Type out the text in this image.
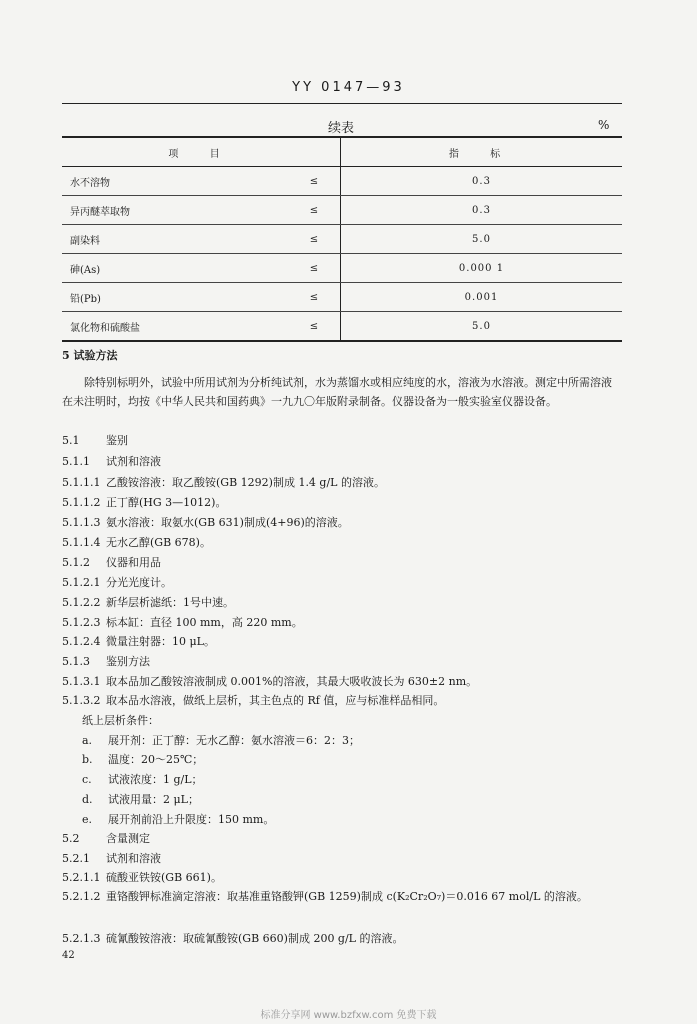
YY 0147—93
续表	%
项 目		指 标
水不溶物	≤	0.3
异丙醚萃取物	≤	0.3
副染料	≤	5.0
砷(As)	≤	0.000 1
铅(Pb)	≤	0.001
氯化物和硫酸盐	≤	5.0
5 试验方法
除特别标明外，试验中所用试剂为分析纯试剂，水为蒸馏水或相应纯度的水，溶液为水溶液。测定中所需溶液在未注明时，均按《中华人民共和国药典》一九九〇年版附录制备。仪器设备为一般实验室仪器设备。
5.1 鉴别
5.1.1 试剂和溶液
5.1.1.1 乙酸铵溶液：取乙酸铵(GB 1292)制成 1.4 g/L 的溶液。
5.1.1.2 正丁醇(HG 3—1012)。
5.1.1.3 氨水溶液：取氨水(GB 631)制成(4+96)的溶液。
5.1.1.4 无水乙醇(GB 678)。
5.1.2 仪器和用品
5.1.2.1 分光光度计。
5.1.2.2 新华层析滤纸：1号中速。
5.1.2.3 标本缸：直径 100 mm，高 220 mm。
5.1.2.4 微量注射器：10 μL。
5.1.3 鉴别方法
5.1.3.1 取本品加乙酸铵溶液制成 0.001%的溶液，其最大吸收波长为 630±2 nm。
5.1.3.2 取本品水溶液，做纸上层析，其主色点的 Rf 值，应与标准样品相同。
纸上层析条件：
a. 展开剂：正丁醇：无水乙醇：氨水溶液＝6：2：3；
b. 温度：20～25℃；
c. 试液浓度：1 g/L；
d. 试液用量：2 μL；
e. 展开剂前沿上升限度：150 mm。
5.2 含量测定
5.2.1 试剂和溶液
5.2.1.1 硫酸亚铁铵(GB 661)。
5.2.1.2 重铬酸钾标准滴定溶液：取基准重铬酸钾(GB 1259)制成 c(K₂Cr₂O₇)＝0.016 67 mol/L 的溶液。
5.2.1.3 硫氰酸铵溶液：取硫氰酸铵(GB 660)制成 200 g/L 的溶液。
42
标准分享网 www.bzfxw.com 免费下载
